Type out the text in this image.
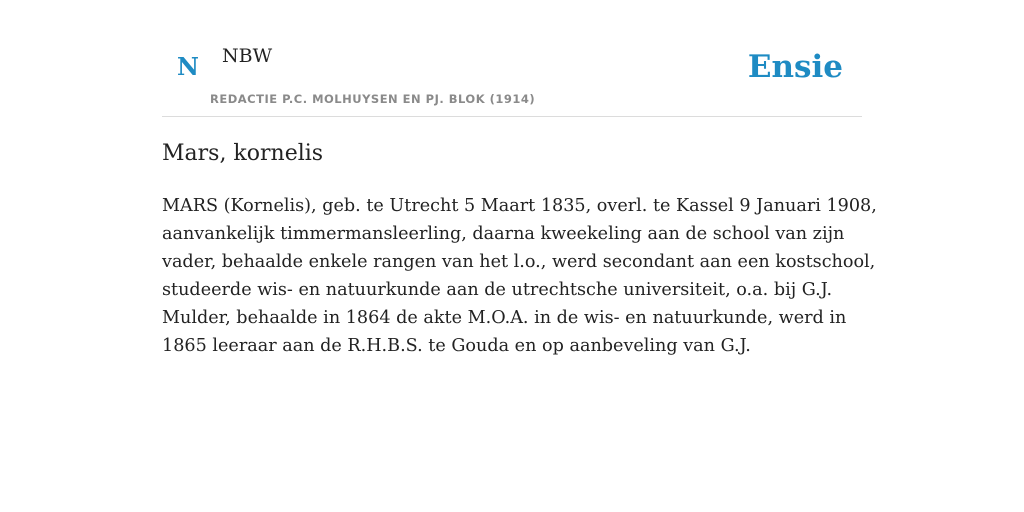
N NBW
REDACTIE P.C. MOLHUYSEN EN PJ. BLOK (1914)
Ensie
Mars, kornelis

MARS (Kornelis), geb. te Utrecht 5 Maart 1835, overl. te Kassel 9 Januari 1908, aanvankelijk timmermansleerling, daarna kweekeling aan de school van zijn vader, behaalde enkele rangen van het l.o., werd secondant aan een kostschool, studeerde wis- en natuurkunde aan de utrechtsche universiteit, o.a. bij G.J. Mulder, behaalde in 1864 de akte M.O.A. in de wis- en natuurkunde, werd in 1865 leeraar aan de R.H.B.S. te Gouda en op aanbeveling van G.J.
